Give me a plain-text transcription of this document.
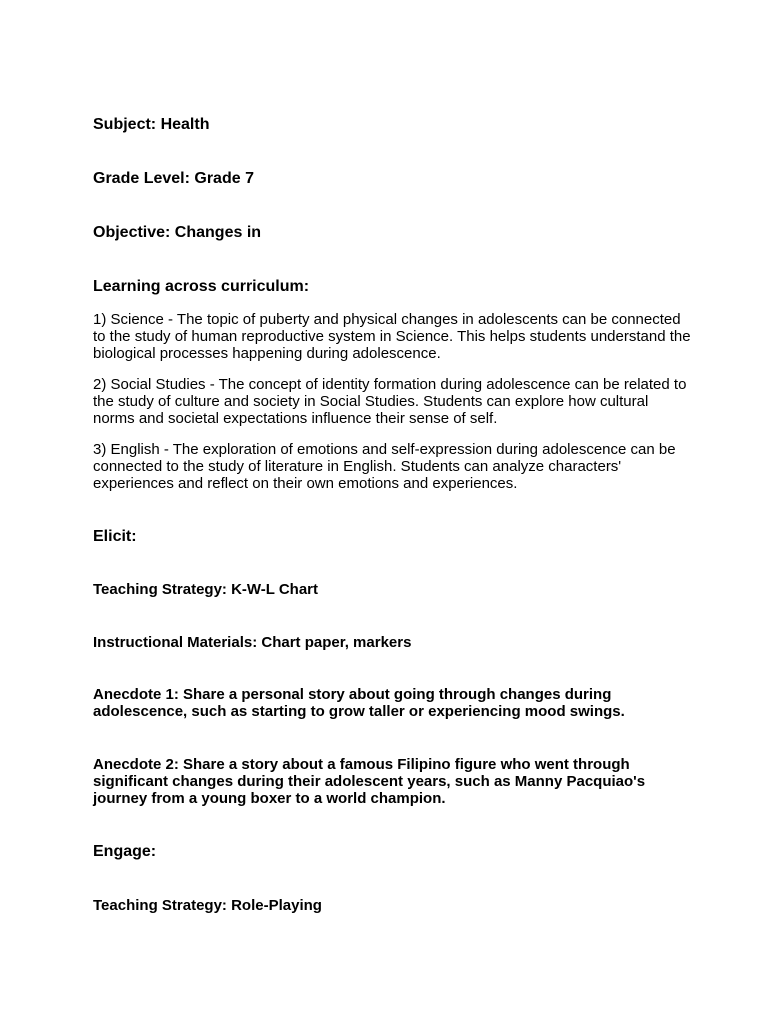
Subject: Health

Grade Level: Grade 7

Objective: Changes in

Learning across curriculum:

1) Science - The topic of puberty and physical changes in adolescents can be connected to the study of human reproductive system in Science. This helps students understand the biological processes happening during adolescence.

2) Social Studies - The concept of identity formation during adolescence can be related to the study of culture and society in Social Studies. Students can explore how cultural norms and societal expectations influence their sense of self.

3) English - The exploration of emotions and self-expression during adolescence can be connected to the study of literature in English. Students can analyze characters' experiences and reflect on their own emotions and experiences.

Elicit:

Teaching Strategy: K-W-L Chart

Instructional Materials: Chart paper, markers

Anecdote 1: Share a personal story about going through changes during adolescence, such as starting to grow taller or experiencing mood swings.

Anecdote 2: Share a story about a famous Filipino figure who went through significant changes during their adolescent years, such as Manny Pacquiao's journey from a young boxer to a world champion.

Engage:

Teaching Strategy: Role-Playing
